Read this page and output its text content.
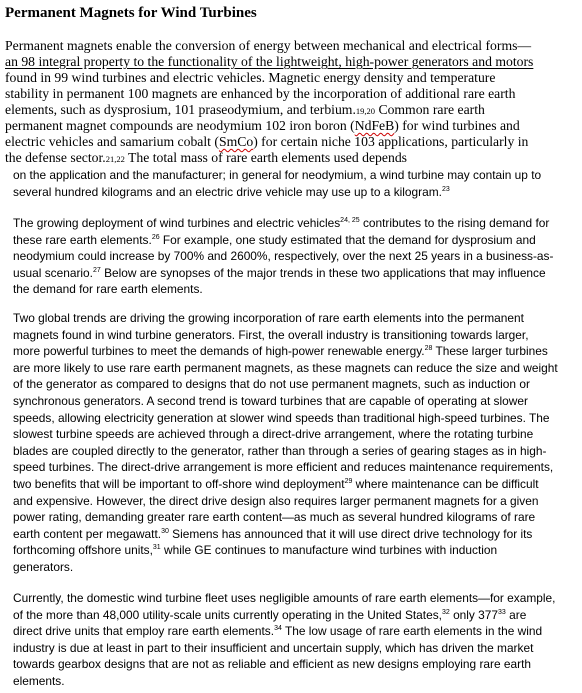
Permanent Magnets for Wind Turbines
Permanent magnets enable the conversion of energy between mechanical and electrical forms—
an 98 integral property to the functionality of the lightweight, high-power generators and motors
found in 99 wind turbines and electric vehicles. Magnetic energy density and temperature
stability in permanent 100 magnets are enhanced by the incorporation of additional rare earth
elements, such as dysprosium, 101 praseodymium, and terbium.19,20 Common rare earth
permanent magnet compounds are neodymium 102 iron boron (NdFeB) for wind turbines and
electric vehicles and samarium cobalt (SmCo) for certain niche 103 applications, particularly in
the defense sector.21,22 The total mass of rare earth elements used depends
on the application and the manufacturer; in general for neodymium, a wind turbine may contain up to
several hundred kilograms and an electric drive vehicle may use up to a kilogram.$^{23}$
The growing deployment of wind turbines and electric vehicles$^{24, 25}$ contributes to the rising demand for
these rare earth elements.$^{26}$ For example, one study estimated that the demand for dysprosium and
neodymium could increase by 700% and 2600%, respectively, over the next 25 years in a business-as-
usual scenario.$^{27}$ Below are synopses of the major trends in these two applications that may influence
the demand for rare earth elements.
Two global trends are driving the growing incorporation of rare earth elements into the permanent
magnets found in wind turbine generators. First, the overall industry is transitioning towards larger,
more powerful turbines to meet the demands of high-power renewable energy.$^{28}$ These larger turbines
are more likely to use rare earth permanent magnets, as these magnets can reduce the size and weight
of the generator as compared to designs that do not use permanent magnets, such as induction or
synchronous generators. A second trend is toward turbines that are capable of operating at slower
speeds, allowing electricity generation at slower wind speeds than traditional high-speed turbines. The
slowest turbine speeds are achieved through a direct-drive arrangement, where the rotating turbine
blades are coupled directly to the generator, rather than through a series of gearing stages as in high-
speed turbines. The direct-drive arrangement is more efficient and reduces maintenance requirements,
two benefits that will be important to off-shore wind deployment$^{29}$ where maintenance can be difficult
and expensive. However, the direct drive design also requires larger permanent magnets for a given
power rating, demanding greater rare earth content—as much as several hundred kilograms of rare
earth content per megawatt.$^{30}$ Siemens has announced that it will use direct drive technology for its
forthcoming offshore units,$^{31}$ while GE continues to manufacture wind turbines with induction
generators.
Currently, the domestic wind turbine fleet uses negligible amounts of rare earth elements—for example,
of the more than 48,000 utility-scale units currently operating in the United States,$^{32}$ only $377^{33}$ are
direct drive units that employ rare earth elements.$^{34}$ The low usage of rare earth elements in the wind
industry is due at least in part to their insufficient and uncertain supply, which has driven the market
towards gearbox designs that are not as reliable and efficient as new designs employing rare earth
elements.
